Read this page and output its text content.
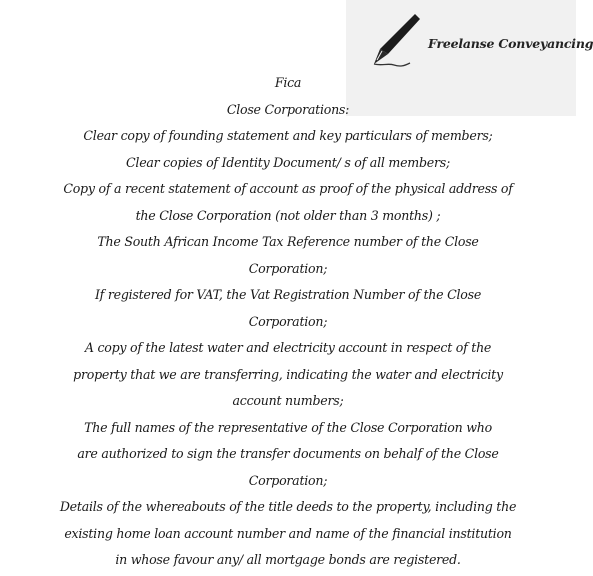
Freelanse Conveyancing
Fica
Close Corporations:
Clear copy of founding statement and key particulars of members;
Clear copies of Identity Document/ s of all members;
Copy of a recent statement of account as proof of the physical address of
the Close Corporation (not older than 3 months) ;
The South African Income Tax Reference number of the Close
Corporation;
If registered for VAT, the Vat Registration Number of the Close
Corporation;
A copy of the latest water and electricity account in respect of the
property that we are transferring, indicating the water and electricity
account numbers;
The full names of the representative of the Close Corporation who
are authorized to sign the transfer documents on behalf of the Close
Corporation;
Details of the whereabouts of the title deeds to the property, including the
existing home loan account number and name of the financial institution
in whose favour any/ all mortgage bonds are registered.
